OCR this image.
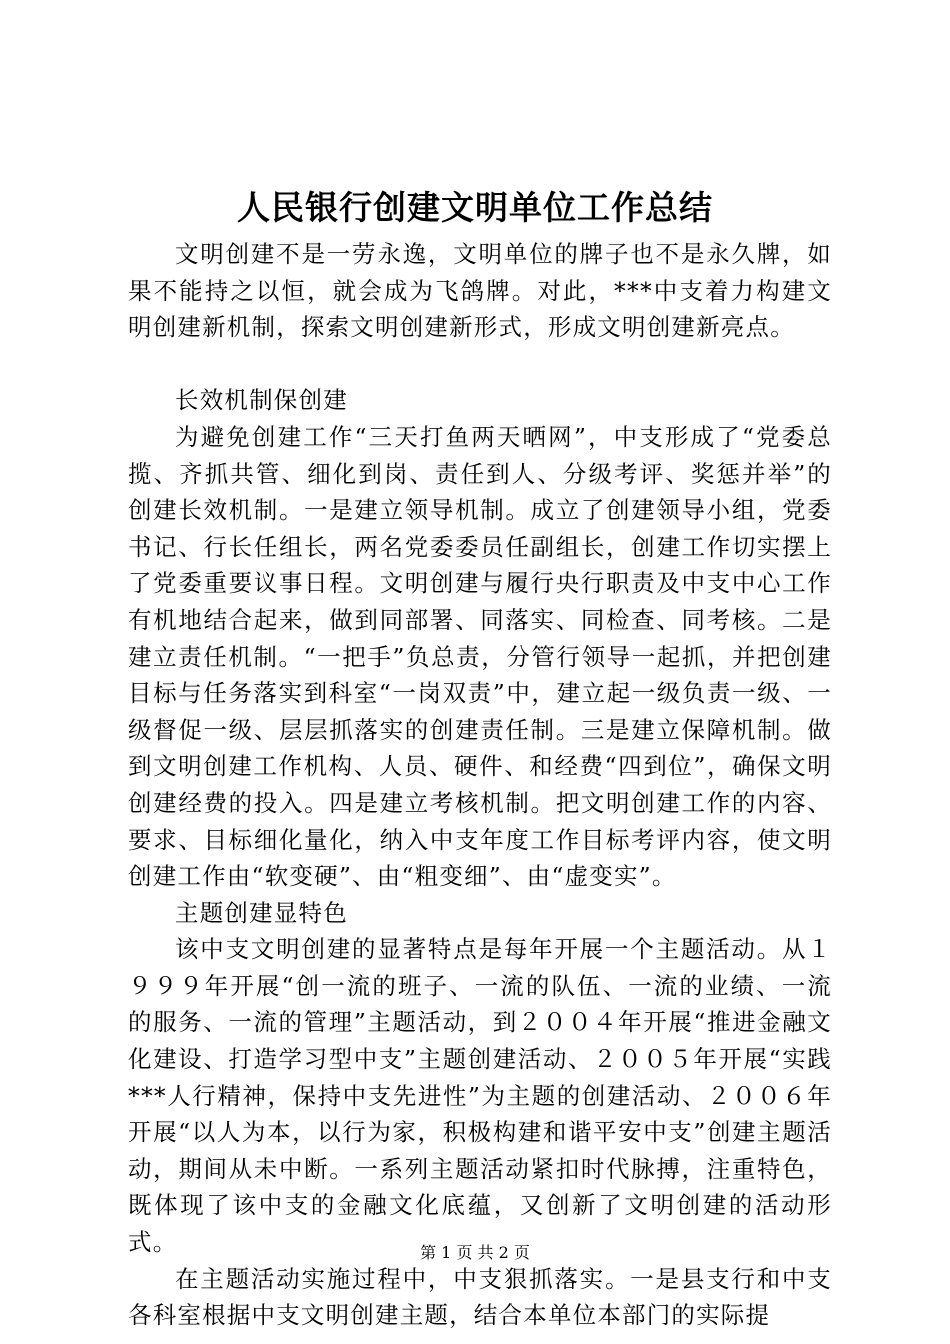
人民银行创建文明单位工作总结

文明创建不是一劳永逸，文明单位的牌子也不是永久牌，如果不能持之以恒，就会成为飞鸽牌。对此，***中支着力构建文明创建新机制，探索文明创建新形式，形成文明创建新亮点。

长效机制保创建

为避免创建工作“三天打鱼两天晒网”，中支形成了“党委总揽、齐抓共管、细化到岗、责任到人、分级考评、奖惩并举”的创建长效机制。一是建立领导机制。成立了创建领导小组，党委书记、行长任组长，两名党委委员任副组长，创建工作切实摆上了党委重要议事日程。文明创建与履行央行职责及中支中心工作有机地结合起来，做到同部署、同落实、同检查、同考核。二是建立责任机制。“一把手”负总责，分管行领导一起抓，并把创建目标与任务落实到科室“一岗双责”中，建立起一级负责一级、一级督促一级、层层抓落实的创建责任制。三是建立保障机制。做到文明创建工作机构、人员、硬件、和经费“四到位”，确保文明创建经费的投入。四是建立考核机制。把文明创建工作的内容、要求、目标细化量化，纳入中支年度工作目标考评内容，使文明创建工作由“软变硬”、由“粗变细”、由“虚变实”。

主题创建显特色

该中支文明创建的显著特点是每年开展一个主题活动。从１９９９年开展“创一流的班子、一流的队伍、一流的业绩、一流的服务、一流的管理”主题活动，到２００４年开展“推进金融文化建设、打造学习型中支”主题创建活动、２００５年开展“实践***人行精神，保持中支先进性”为主题的创建活动、２００６年开展“以人为本，以行为家，积极构建和谐平安中支”创建主题活动，期间从未中断。一系列主题活动紧扣时代脉搏，注重特色，既体现了该中支的金融文化底蕴，又创新了文明创建的活动形式。

在主题活动实施过程中，中支狠抓落实。一是县支行和中支各科室根据中支文明创建主题，结合本单位本部门的实际提

第 1 页 共 2 页
